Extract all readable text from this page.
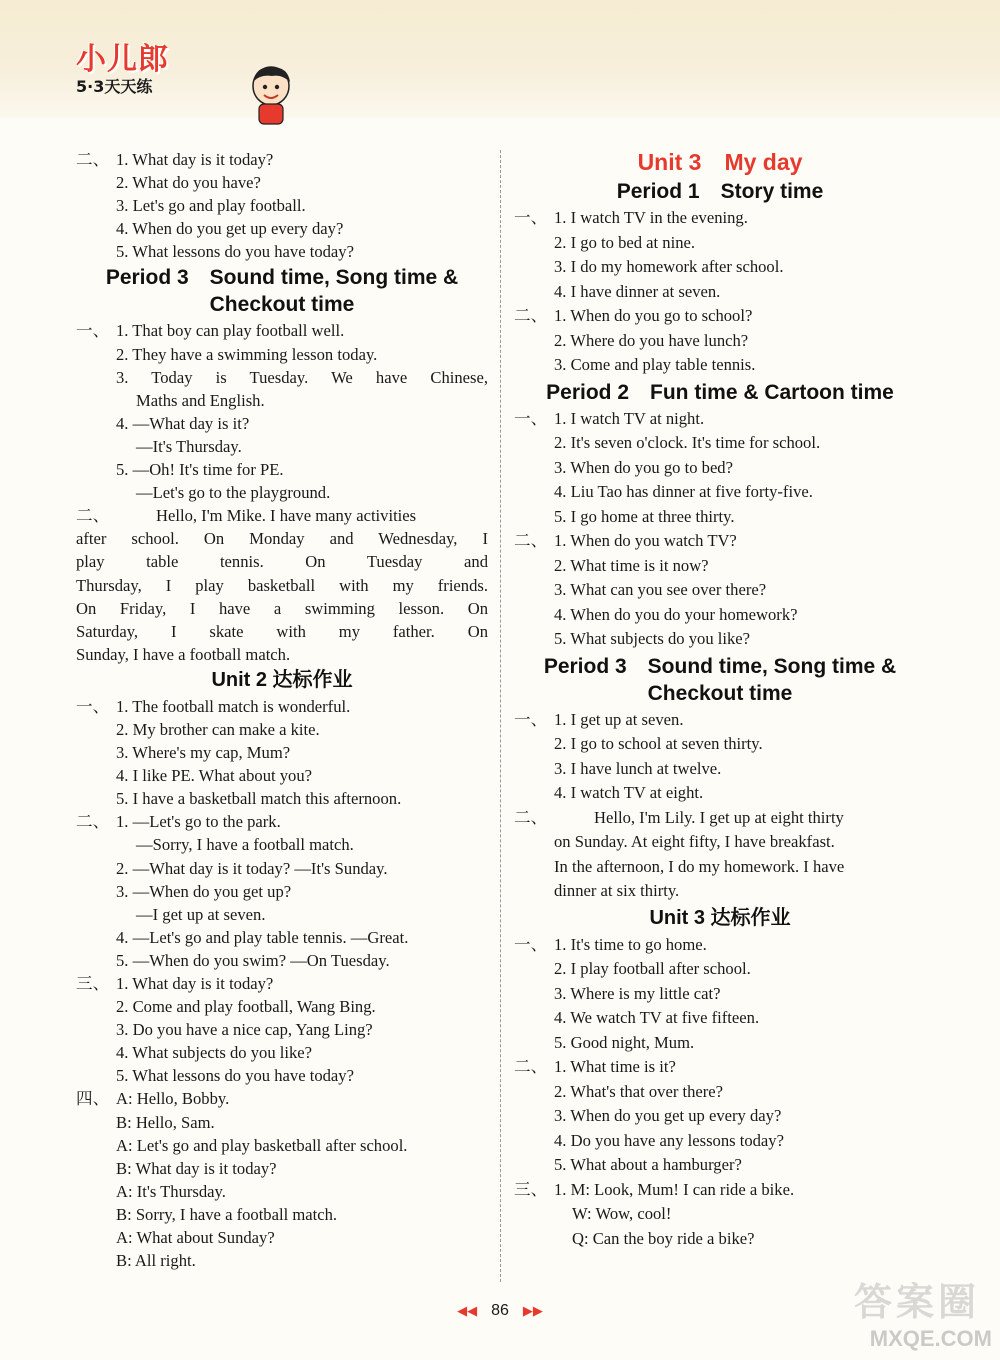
小儿郎
5·3天天练
二、 1. What day is it today?
2. What do you have?
3. Let's go and play football.
4. When do you get up every day?
5. What lessons do you have today?
Period 3　Sound time, Song time &
Checkout time
一、 1. That boy can play football well.
2. They have a swimming lesson today.
3. Today is Tuesday. We have Chinese,
Maths and English.
4. —What day is it?
—It's Thursday.
5. —Oh! It's time for PE.
—Let's go to the playground.
二、	Hello, I'm Mike. I have many activities
after school. On Monday and Wednesday, I
play table tennis. On Tuesday and
Thursday, I play basketball with my friends.
On Friday, I have a swimming lesson. On
Saturday, I skate with my father. On
Sunday, I have a football match.
Unit 2 达标作业
一、 1. The football match is wonderful.
2. My brother can make a kite.
3. Where's my cap, Mum?
4. I like PE. What about you?
5. I have a basketball match this afternoon.
二、 1. —Let's go to the park.
—Sorry, I have a football match.
2. —What day is it today? —It's Sunday.
3. —When do you get up?
—I get up at seven.
4. —Let's go and play table tennis. —Great.
5. —When do you swim? —On Tuesday.
三、 1. What day is it today?
2. Come and play football, Wang Bing.
3. Do you have a nice cap, Yang Ling?
4. What subjects do you like?
5. What lessons do you have today?
四、 A: Hello, Bobby.
B: Hello, Sam.
A: Let's go and play basketball after school.
B: What day is it today?
A: It's Thursday.
B: Sorry, I have a football match.
A: What about Sunday?
B: All right.
Unit 3　My day
Period 1　Story time
一、 1. I watch TV in the evening.
2. I go to bed at nine.
3. I do my homework after school.
4. I have dinner at seven.
二、 1. When do you go to school?
2. Where do you have lunch?
3. Come and play table tennis.
Period 2　Fun time & Cartoon time
一、 1. I watch TV at night.
2. It's seven o'clock. It's time for school.
3. When do you go to bed?
4. Liu Tao has dinner at five forty-five.
5. I go home at three thirty.
二、 1. When do you watch TV?
2. What time is it now?
3. What can you see over there?
4. When do you do your homework?
5. What subjects do you like?
Period 3　Sound time, Song time &
Checkout time
一、 1. I get up at seven.
2. I go to school at seven thirty.
3. I have lunch at twelve.
4. I watch TV at eight.
二、	Hello, I'm Lily. I get up at eight thirty
on Sunday. At eight fifty, I have breakfast.
In the afternoon, I do my homework. I have
dinner at six thirty.
Unit 3 达标作业
一、 1. It's time to go home.
2. I play football after school.
3. Where is my little cat?
4. We watch TV at five fifteen.
5. Good night, Mum.
二、 1. What time is it?
2. What's that over there?
3. When do you get up every day?
4. Do you have any lessons today?
5. What about a hamburger?
三、 1. M: Look, Mum! I can ride a bike.
W: Wow, cool!
Q: Can the boy ride a bike?
◀◀ 86 ▶▶	答案圈
MXQE.COM
